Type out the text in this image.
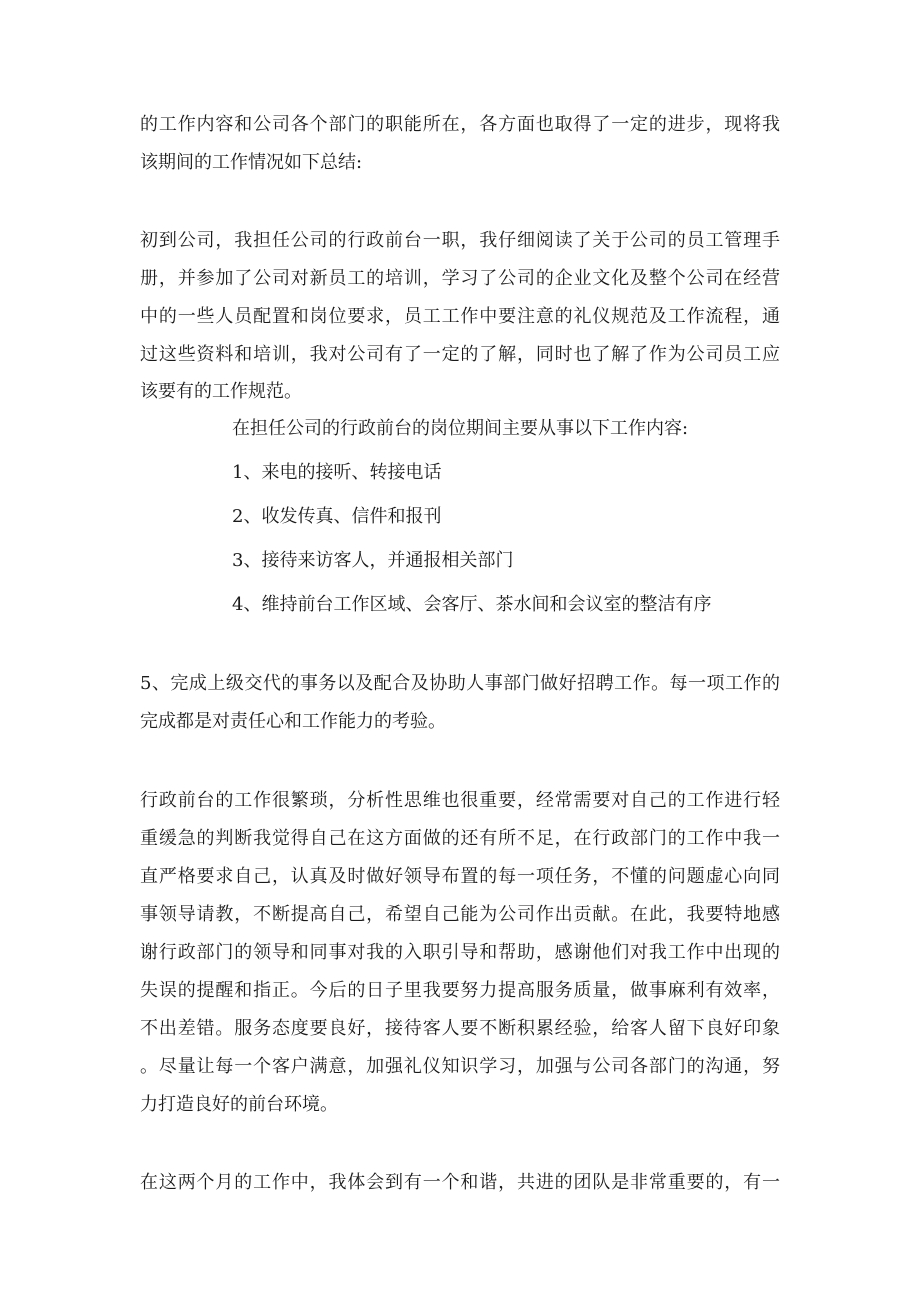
的工作内容和公司各个部门的职能所在，各方面也取得了一定的进步，现将我
该期间的工作情况如下总结:
初到公司，我担任公司的行政前台一职，我仔细阅读了关于公司的员工管理手
册，并参加了公司对新员工的培训，学习了公司的企业文化及整个公司在经营
中的一些人员配置和岗位要求，员工工作中要注意的礼仪规范及工作流程，通
过这些资料和培训，我对公司有了一定的了解，同时也了解了作为公司员工应
该要有的工作规范。
在担任公司的行政前台的岗位期间主要从事以下工作内容:
1、来电的接听、转接电话
2、收发传真、信件和报刊
3、接待来访客人，并通报相关部门
4、维持前台工作区域、会客厅、茶水间和会议室的整洁有序
5、完成上级交代的事务以及配合及协助人事部门做好招聘工作。每一项工作的
完成都是对责任心和工作能力的考验。
行政前台的工作很繁琐，分析性思维也很重要，经常需要对自己的工作进行轻
重缓急的判断我觉得自己在这方面做的还有所不足，在行政部门的工作中我一
直严格要求自己，认真及时做好领导布置的每一项任务，不懂的问题虚心向同
事领导请教，不断提高自己，希望自己能为公司作出贡献。在此，我要特地感
谢行政部门的领导和同事对我的入职引导和帮助，感谢他们对我工作中出现的
失误的提醒和指正。今后的日子里我要努力提高服务质量，做事麻利有效率，
不出差错。服务态度要良好，接待客人要不断积累经验，给客人留下良好印象
。尽量让每一个客户满意，加强礼仪知识学习，加强与公司各部门的沟通，努
力打造良好的前台环境。
在这两个月的工作中，我体会到有一个和谐，共进的团队是非常重要的，有一
